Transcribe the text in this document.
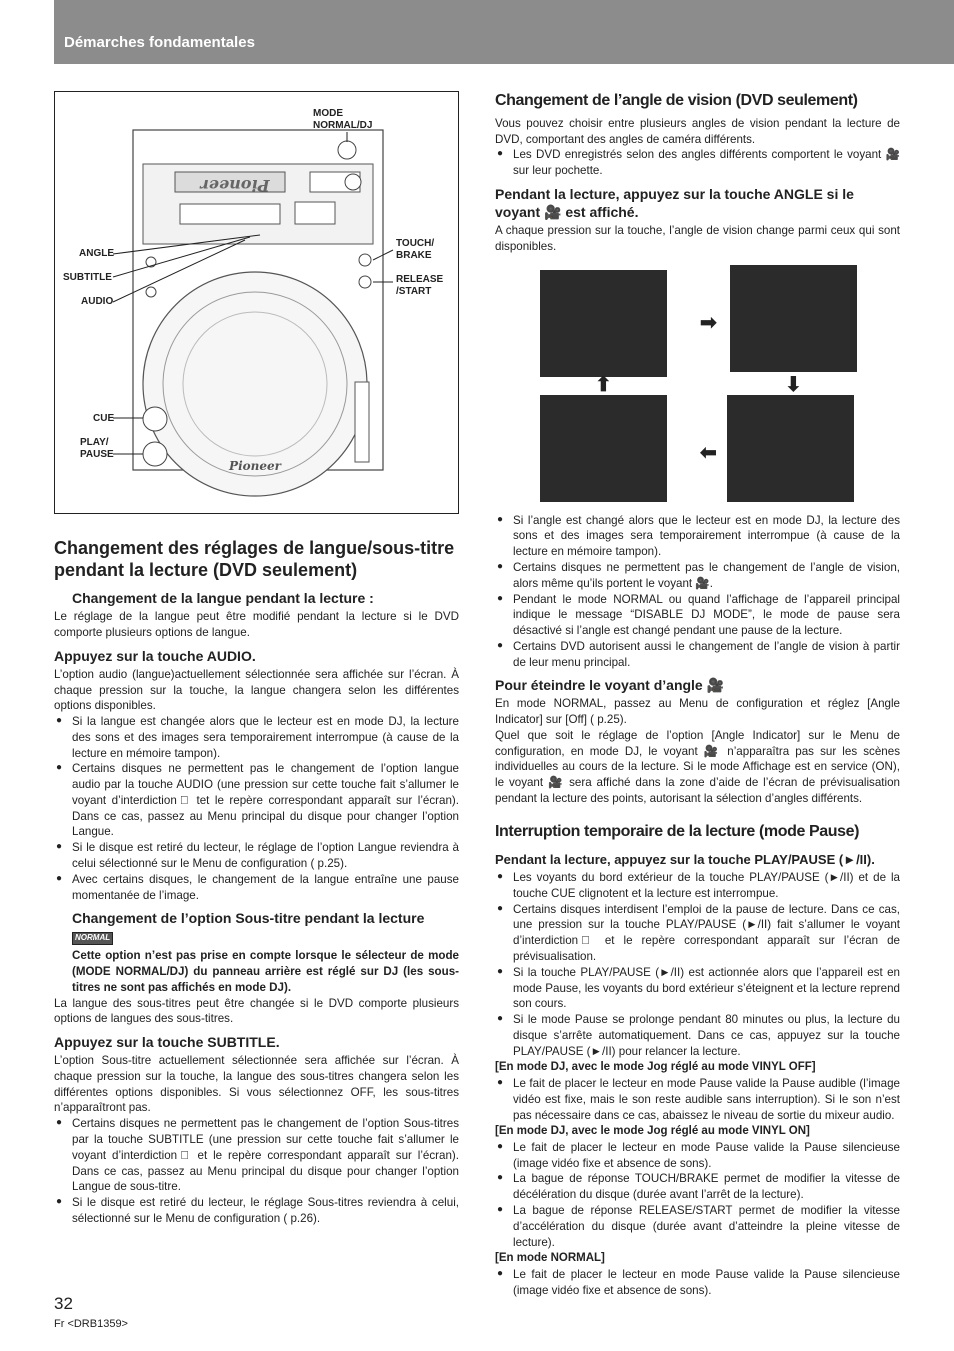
Démarches fondamentales
Pioneer
Pioneer
MODE NORMAL/DJ
ANGLE
SUBTITLE
AUDIO
TOUCH/ BRAKE
RELEASE /START
CUE
PLAY/ PAUSE
Changement des réglages de langue/sous-titre pendant la lecture (DVD seulement)
Changement de la langue pendant la lecture :

Le réglage de la langue peut être modifié pendant la lecture si le DVD comporte plusieurs options de langue.

Appuyez sur la touche AUDIO.

L’option audio (langue)actuellement sélectionnée sera affichée sur l’écran. À chaque pression sur la touche, la langue changera selon les différentes options disponibles.

● Si la langue est changée alors que le lecteur est en mode DJ, la lecture des sons et des images sera temporairement interrompue (à cause de la lecture en mémoire tampon).
● Certains disques ne permettent pas le changement de l’option langue audio par la touche AUDIO (une pression sur cette touche fait s’allumer le voyant d’interdiction ⃠ tet le repère correspondant apparaît sur l’écran). Dans ce cas, passez au Menu principal du disque pour changer l’option Langue.
● Si le disque est retiré du lecteur, le réglage de l’option Langue reviendra à celui sélectionné sur le Menu de configuration ( p.25).
● Avec certains disques, le changement de la langue entraîne une pause momentanée de l’image.
Changement de l’option Sous-titre pendant la lecture NORMAL

Cette option n’est pas prise en compte lorsque le sélecteur de mode (MODE NORMAL/DJ) du panneau arrière est réglé sur DJ (les sous-titres ne sont pas affichés en mode DJ).

La langue des sous-titres peut être changée si le DVD comporte plusieurs options de langues des sous-titres.

Appuyez sur la touche SUBTITLE.

L’option Sous-titre actuellement sélectionnée sera affichée sur l’écran. À chaque pression sur la touche, la langue des sous-titres changera selon les différentes options disponibles. Si vous sélectionnez OFF, les sous-titres n’apparaîtront pas.

● Certains disques ne permettent pas le changement de l’option Sous-titres par la touche SUBTITLE (une pression sur cette touche fait s’allumer le voyant d’interdiction ⃠ et le repère correspondant apparaît sur l’écran). Dans ce cas, passez au Menu principal du disque pour changer l’option Langue de sous-titre.
● Si le disque est retiré du lecteur, le réglage Sous-titres reviendra à celui, sélectionné sur le Menu de configuration ( p.26).
Changement de l’angle de vision (DVD seulement)

Vous pouvez choisir entre plusieurs angles de vision pendant la lecture de DVD, comportant des angles de caméra différents.

● Les DVD enregistrés selon des angles différents comportent le voyant 🎥 sur leur pochette.
Pendant la lecture, appuyez sur la touche ANGLE si le voyant 🎥 est affiché.

A chaque pression sur la touche, l’angle de vision change parmi ceux qui sont disponibles.

➡
⬇
⬅
⬆
● Si l’angle est changé alors que le lecteur est en mode DJ, la lecture des sons et des images sera temporairement interrompue (à cause de la lecture en mémoire tampon).
● Certains disques ne permettent pas le changement de l’angle de vision, alors même qu’ils portent le voyant 🎥.
● Pendant le mode NORMAL ou quand l’affichage de l’appareil principal indique le message “DISABLE DJ MODE”, le mode de pause sera désactivé si l’angle est changé pendant une pause de la lecture.
● Certains DVD autorisent aussi le changement de l’angle de vision à partir de leur menu principal.
Pour éteindre le voyant d’angle 🎥

En mode NORMAL, passez au Menu de configuration et réglez [Angle Indicator] sur [Off] ( p.25).

Quel que soit le réglage de l’option [Angle Indicator] sur le Menu de configuration, en mode DJ, le voyant 🎥 n’apparaîtra pas sur les scènes individuelles au cours de la lecture. Si le mode Affichage est en service (ON), le voyant 🎥 sera affiché dans la zone d’aide de l’écran de prévisualisation pendant la lecture des points, autorisant la sélection d’angles différents.

Interruption temporaire de la lecture (mode Pause)
Pendant la lecture, appuyez sur la touche PLAY/PAUSE (►/II).
● Les voyants du bord extérieur de la touche PLAY/PAUSE (►/II) et de la touche CUE clignotent et la lecture est interrompue.
● Certains disques interdisent l’emploi de la pause de lecture. Dans ce cas, une pression sur la touche PLAY/PAUSE (►/II) fait s’allumer le voyant d’interdiction ⃠ et le repère correspondant apparaît sur l’écran de prévisualisation.
● Si la touche PLAY/PAUSE (►/II) est actionnée alors que l’appareil est en mode Pause, les voyants du bord extérieur s’éteignent et la lecture reprend son cours.
● Si le mode Pause se prolonge pendant 80 minutes ou plus, la lecture du disque s’arrête automatiquement. Dans ce cas, appuyez sur la touche PLAY/PAUSE (►/II) pour relancer la lecture.
[En mode DJ, avec le mode Jog réglé au mode VINYL OFF]
● Le fait de placer le lecteur en mode Pause valide la Pause audible (l’image vidéo est fixe, mais le son reste audible sans interruption). Si le son n’est pas nécessaire dans ce cas, abaissez le niveau de sortie du mixeur audio.
[En mode DJ, avec le mode Jog réglé au mode VINYL ON]
● Le fait de placer le lecteur en mode Pause valide la Pause silencieuse (image vidéo fixe et absence de sons).
● La bague de réponse TOUCH/BRAKE permet de modifier la vitesse de décélération du disque (durée avant l’arrêt de la lecture).
● La bague de réponse RELEASE/START permet de modifier la vitesse d’accélération du disque (durée avant d’atteindre la pleine vitesse de lecture).
[En mode NORMAL]
● Le fait de placer le lecteur en mode Pause valide la Pause silencieuse (image vidéo fixe et absence de sons).
32
Fr <DRB1359>
